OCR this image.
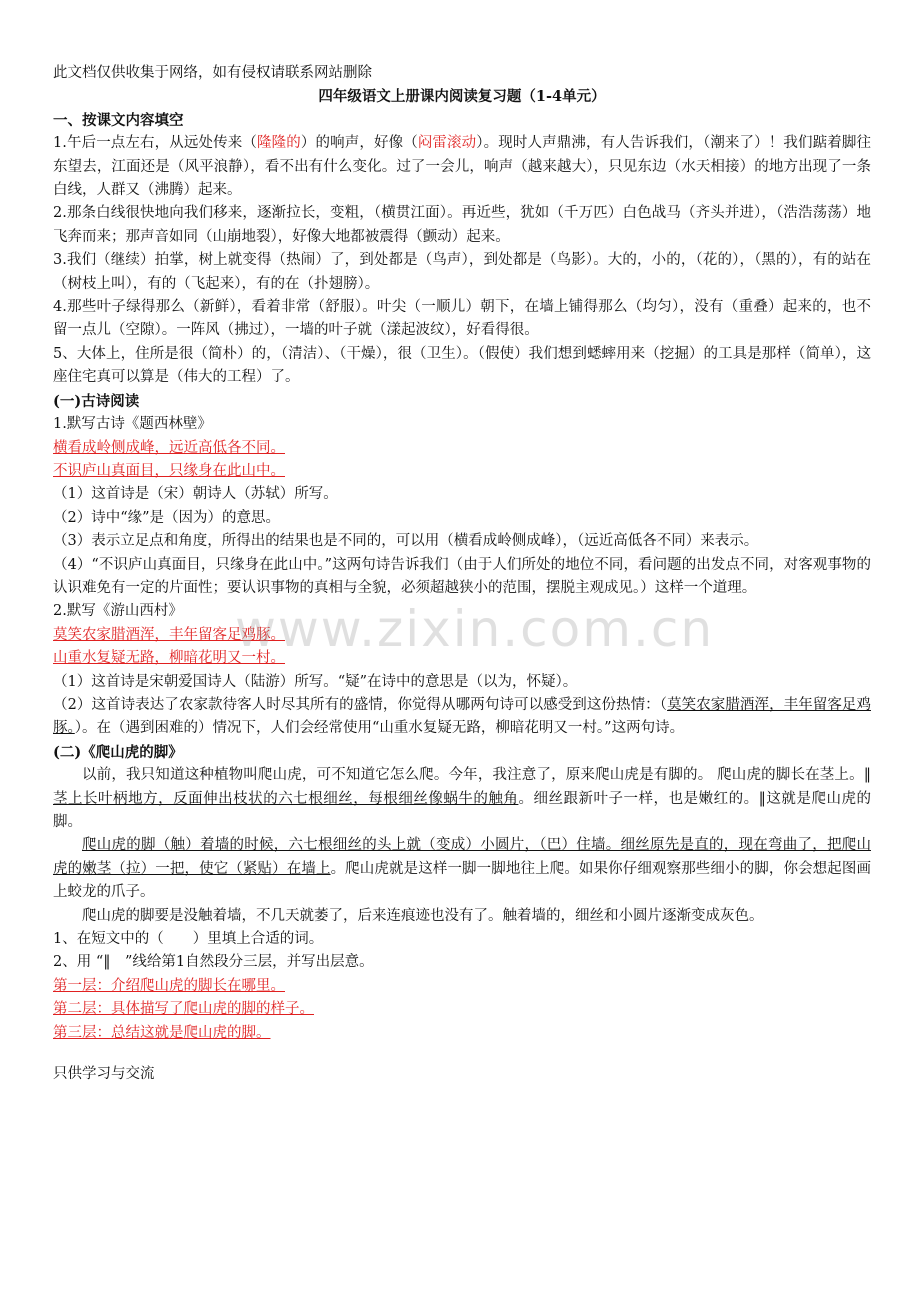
此文档仅供收集于网络，如有侵权请联系网站删除
四年级语文上册课内阅读复习题（1-4单元）
一、按课文内容填空
1.午后一点左右，从远处传来（隆隆的）的响声，好像（闷雷滚动）。现时人声鼎沸，有人告诉我们，（潮来了）！我们踮着脚往东望去，江面还是（风平浪静），看不出有什么变化。过了一会儿，响声（越来越大），只见东边（水天相接）的地方出现了一条白线，人群又（沸腾）起来。
2.那条白线很快地向我们移来，逐渐拉长，变粗，（横贯江面）。再近些，犹如（千万匹）白色战马（齐头并进），（浩浩荡荡）地飞奔而来；那声音如同（山崩地裂），好像大地都被震得（颤动）起来。
3.我们（继续）拍掌，树上就变得（热闹）了，到处都是（鸟声），到处都是（鸟影）。大的，小的，（花的），（黑的），有的站在（树枝上叫），有的（飞起来），有的在（扑翅膀）。
4.那些叶子绿得那么（新鲜），看着非常（舒服）。叶尖（一顺儿）朝下，在墙上铺得那么（均匀），没有（重叠）起来的，也不留一点儿（空隙）。一阵风（拂过），一墙的叶子就（漾起波纹），好看得很。
5、大体上，住所是很（简朴）的，（清洁）、（干燥），很（卫生）。（假使）我们想到蟋蟀用来（挖掘）的工具是那样（简单），这座住宅真可以算是（伟大的工程）了。
(一)古诗阅读
1.默写古诗《题西林壁》
横看成岭侧成峰，远近高低各不同。
不识庐山真面目，只缘身在此山中。
（1）这首诗是（宋）朝诗人（苏轼）所写。
（2）诗中“缘”是（因为）的意思。
（3）表示立足点和角度，所得出的结果也是不同的，可以用（横看成岭侧成峰），（远近高低各不同）来表示。
（4）“不识庐山真面目，只缘身在此山中。”这两句诗告诉我们（由于人们所处的地位不同，看问题的出发点不同，对客观事物的认识难免有一定的片面性；要认识事物的真相与全貌，必须超越狭小的范围，摆脱主观成见。）这样一个道理。
2.默写《游山西村》
莫笑农家腊酒浑，丰年留客足鸡豚。
山重水复疑无路，柳暗花明又一村。
（1）这首诗是宋朝爱国诗人（陆游）所写。“疑”在诗中的意思是（以为，怀疑）。
（2）这首诗表达了农家款待客人时尽其所有的盛情，你觉得从哪两句诗可以感受到这份热情：（莫笑农家腊酒浑，丰年留客足鸡豚。）。在（遇到困难的）情况下，人们会经常使用“山重水复疑无路，柳暗花明又一村。”这两句诗。
(二)《爬山虎的脚》
以前，我只知道这种植物叫爬山虎，可不知道它怎么爬。今年，我注意了，原来爬山虎是有脚的。 爬山虎的脚长在茎上。‖茎上长叶柄地方，反面伸出枝状的六七根细丝，每根细丝像蜗牛的触角。细丝跟新叶子一样，也是嫩红的。‖这就是爬山虎的脚。
爬山虎的脚（触）着墙的时候，六七根细丝的头上就（变成）小圆片，（巴）住墙。细丝原先是直的，现在弯曲了，把爬山虎的嫩茎（拉）一把，使它（紧贴）在墙上。爬山虎就是这样一脚一脚地往上爬。如果你仔细观察那些细小的脚，你会想起图画上蛟龙的爪子。
爬山虎的脚要是没触着墙，不几天就萎了，后来连痕迹也没有了。触着墙的，细丝和小圆片逐渐变成灰色。
1、在短文中的（　　）里填上合适的词。
2、用 “‖　”线给第1自然段分三层，并写出层意。
第一层：介绍爬山虎的脚长在哪里。
第二层：具体描写了爬山虎的脚的样子。
第三层：总结这就是爬山虎的脚。
只供学习与交流
www.zixin.com.cn
